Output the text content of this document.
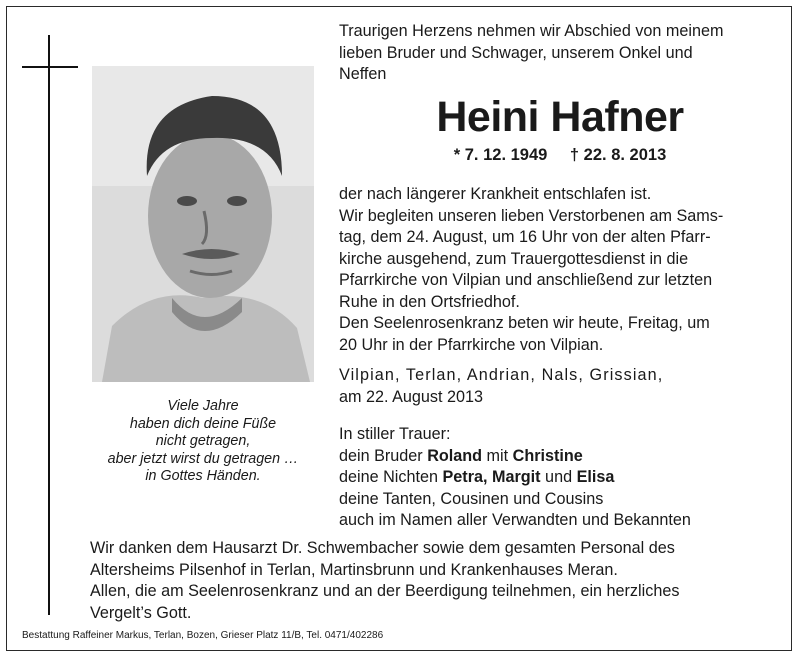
Viele Jahre
haben dich deine Füße
nicht getragen,
aber jetzt wirst du getragen …
in Gottes Händen.
Traurigen Herzens nehmen wir Abschied von meinem
lieben Bruder und Schwager, unserem Onkel und
Neffen
Heini Hafner
* 7. 12. 1949 † 22. 8. 2013
der nach längerer Krankheit entschlafen ist.
Wir begleiten unseren lieben Verstorbenen am Sams-
tag, dem 24. August, um 16 Uhr von der alten Pfarr-
kirche ausgehend, zum Trauergottesdienst in die
Pfarrkirche von Vilpian und anschließend zur letzten
Ruhe in den Ortsfriedhof.
Den Seelenrosenkranz beten wir heute, Freitag, um
20 Uhr in der Pfarrkirche von Vilpian.
Vilpian, Terlan, Andrian, Nals, Grissian,
am 22. August 2013
In stiller Trauer:
dein Bruder Roland mit Christine
deine Nichten Petra, Margit und Elisa
deine Tanten, Cousinen und Cousins
auch im Namen aller Verwandten und Bekannten
Wir danken dem Hausarzt Dr. Schwembacher sowie dem gesamten Personal des
Altersheims Pilsenhof in Terlan, Martinsbrunn und Krankenhauses Meran.
Allen, die am Seelenrosenkranz und an der Beerdigung teilnehmen, ein herzliches
Vergelt’s Gott.
Bestattung Raffeiner Markus, Terlan, Bozen, Grieser Platz 11/B, Tel. 0471/402286
